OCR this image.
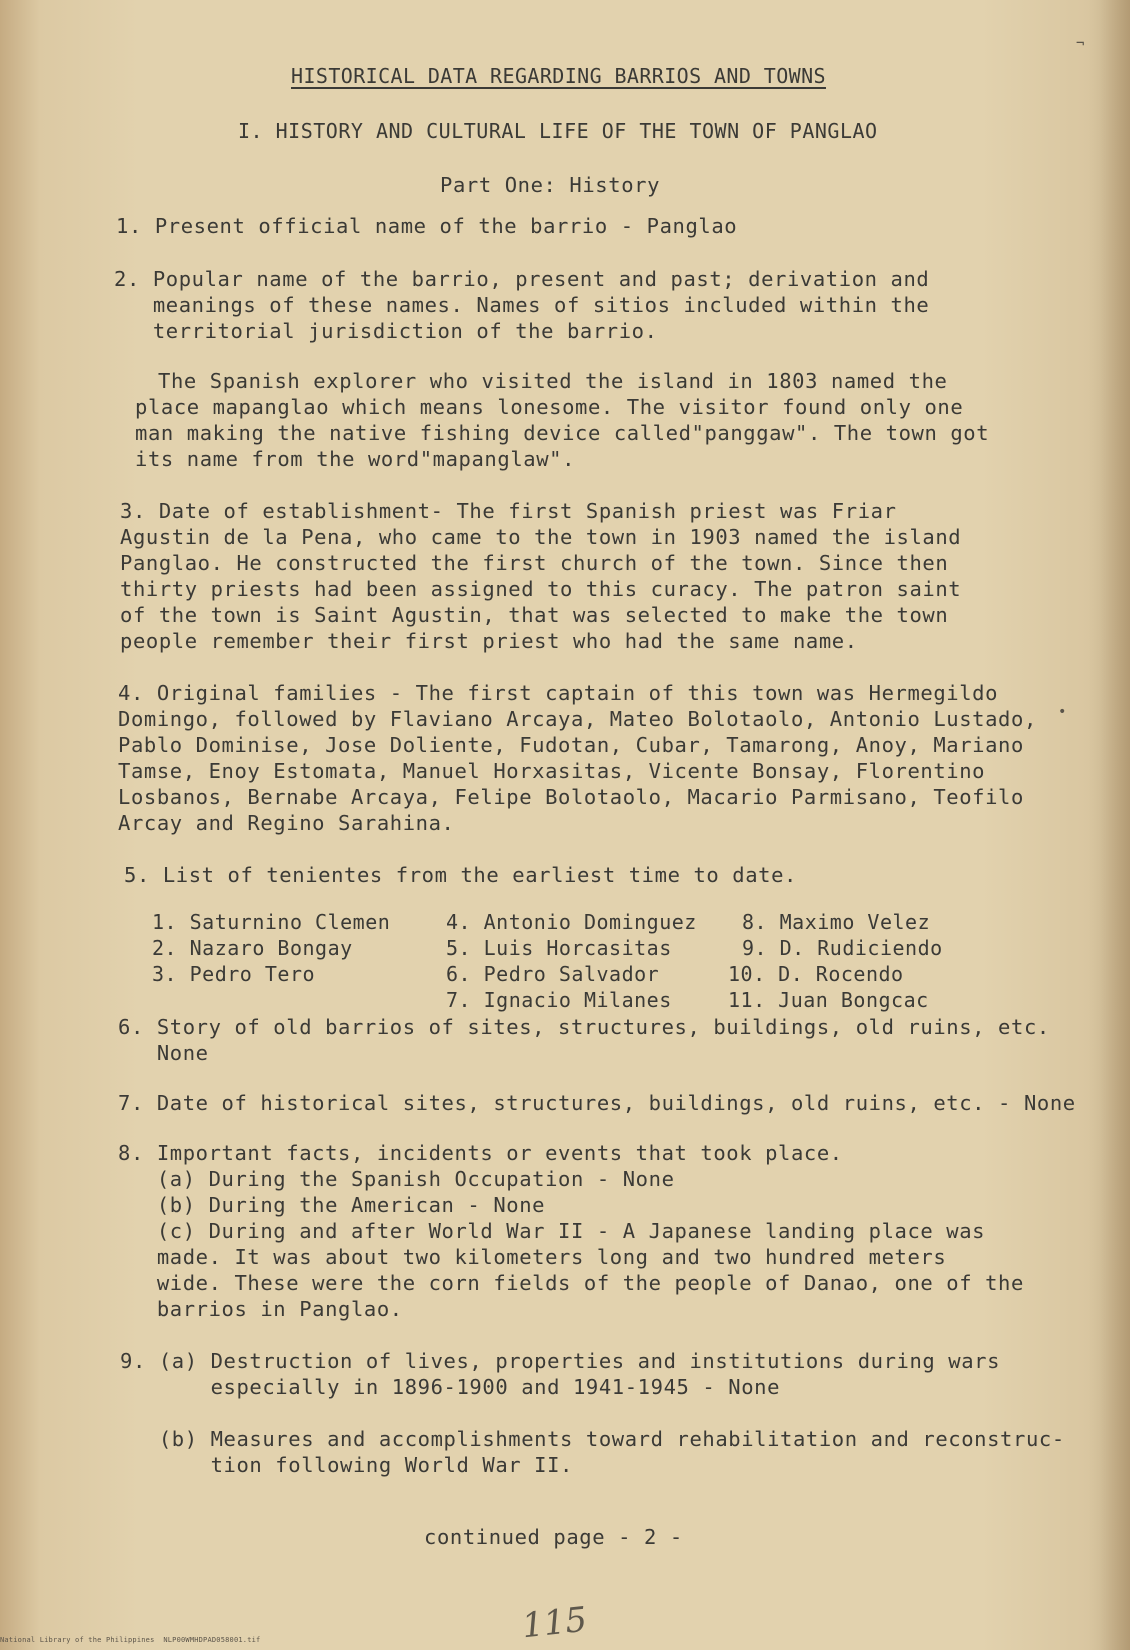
HISTORICAL DATA REGARDING BARRIOS AND TOWNS
I. HISTORY AND CULTURAL LIFE OF THE TOWN OF PANGLAO
Part One: History
1. Present official name of the barrio - Panglao
2. Popular name of the barrio, present and past; derivation and
meanings of these names. Names of sitios included within the
territorial jurisdiction of the barrio.
The Spanish explorer who visited the island in 1803 named the
place mapanglao which means lonesome. The visitor found only one
man making the native fishing device called"panggaw". The town got
its name from the word"mapanglaw".
3. Date of establishment- The first Spanish priest was Friar
Agustin de la Pena, who came to the town in 1903 named the island
Panglao. He constructed the first church of the town. Since then
thirty priests had been assigned to this curacy. The patron saint
of the town is Saint Agustin, that was selected to make the town
people remember their first priest who had the same name.
4. Original families - The first captain of this town was Hermegildo
Domingo, followed by Flaviano Arcaya, Mateo Bolotaolo, Antonio Lustado,
Pablo Dominise, Jose Doliente, Fudotan, Cubar, Tamarong, Anoy, Mariano
Tamse, Enoy Estomata, Manuel Horxasitas, Vicente Bonsay, Florentino
Losbanos, Bernabe Arcaya, Felipe Bolotaolo, Macario Parmisano, Teofilo
Arcay and Regino Sarahina.
5. List of tenientes from the earliest time to date.
1. Saturnino Clemen
2. Nazaro Bongay
3. Pedro Tero
4. Antonio Dominguez
5. Luis Horcasitas
6. Pedro Salvador
7. Ignacio Milanes
8. Maximo Velez
9. D. Rudiciendo
10. D. Rocendo
11. Juan Bongcac
6. Story of old barrios of sites, structures, buildings, old ruins, etc.
None
7. Date of historical sites, structures, buildings, old ruins, etc. - None
8. Important facts, incidents or events that took place.
(a) During the Spanish Occupation - None
(b) During the American - None
(c) During and after World War II - A Japanese landing place was
made. It was about two kilometers long and two hundred meters
wide. These were the corn fields of the people of Danao, one of the
barrios in Panglao.
9. (a) Destruction of lives, properties and institutions during wars
especially in 1896-1900 and 1941-1945 - None
(b) Measures and accomplishments toward rehabilitation and reconstruc-
tion following World War II.
continued page - 2 -
115
¬
•
National Library of the Philippines  NLP00WMHDPAD058001.tif
